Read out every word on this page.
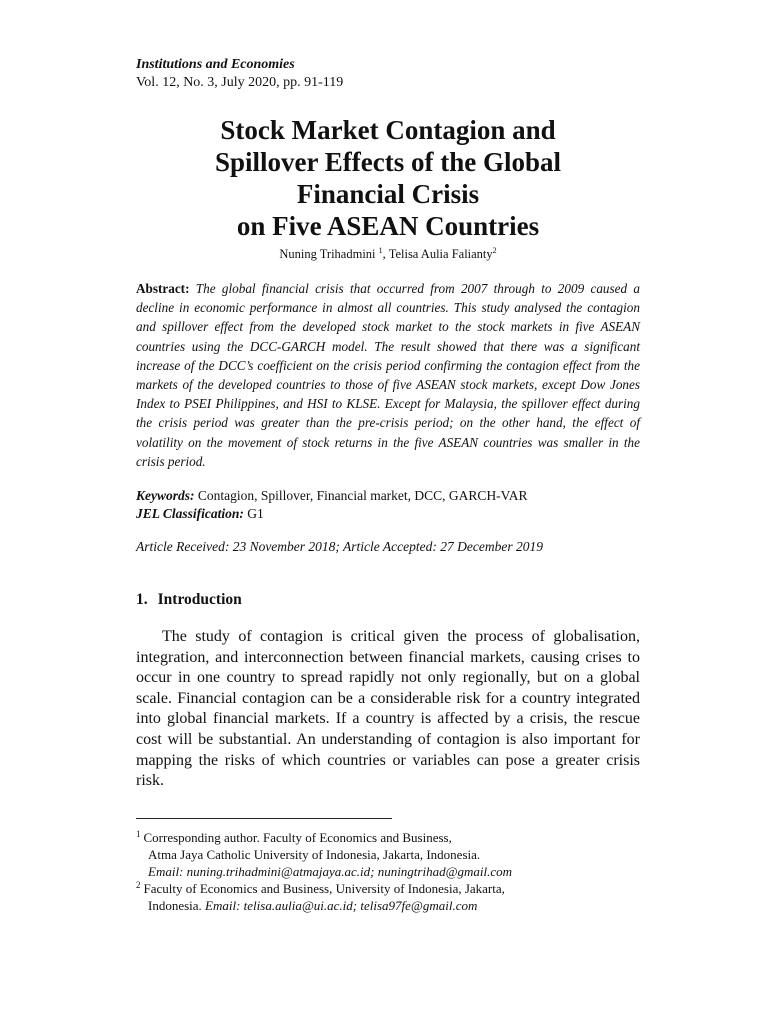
Institutions and Economies
Vol. 12, No. 3, July 2020, pp. 91-119
Stock Market Contagion and
Spillover Effects of the Global
Financial Crisis
on Five ASEAN Countries
Nuning Trihadmini $^1$, Telisa Aulia Falianty$^2$
Abstract: The global financial crisis that occurred from 2007 through to 2009 caused a decline in economic performance in almost all countries. This study analysed the contagion and spillover effect from the developed stock market to the stock markets in five ASEAN countries using the DCC-GARCH model. The result showed that there was a significant increase of the DCC’s coefficient on the crisis period confirming the contagion effect from the markets of the developed countries to those of five ASEAN stock markets, except Dow Jones Index to PSEI Philippines, and HSI to KLSE. Except for Malaysia, the spillover effect during the crisis period was greater than the pre-crisis period; on the other hand, the effect of volatility on the movement of stock returns in the five ASEAN countries was smaller in the crisis period.
Keywords: Contagion, Spillover, Financial market, DCC, GARCH-VAR
JEL Classification: G1
Article Received: 23 November 2018; Article Accepted: 27 December 2019
1. Introduction

The study of contagion is critical given the process of globalisation, integration, and interconnection between financial markets, causing crises to occur in one country to spread rapidly not only regionally, but on a global scale. Financial contagion can be a considerable risk for a country integrated into global financial markets. If a country is affected by a crisis, the rescue cost will be substantial. An understanding of contagion is also important for mapping the risks of which countries or variables can pose a greater crisis risk.

$^1$ Corresponding author. Faculty of Economics and Business,
Atma Jaya Catholic University of Indonesia, Jakarta, Indonesia.
Email: nuning.trihadmini@atmajaya.ac.id; nuningtrihad@gmail.com
$^2$ Faculty of Economics and Business, University of Indonesia, Jakarta,
Indonesia. Email: telisa.aulia@ui.ac.id; telisa97fe@gmail.com
